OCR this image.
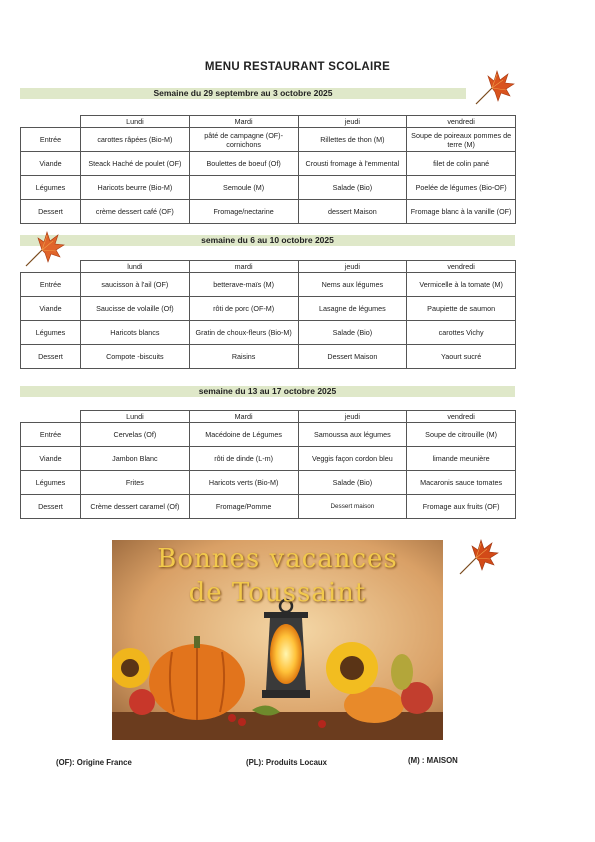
MENU RESTAURANT SCOLAIRE
Semaine du 29 septembre au 3 octobre 2025
	Lundi	Mardi	jeudi	vendredi
Entrée	carottes râpées (Bio-M)	pâté de campagne (OF)-cornichons	Rillettes de thon (M)	Soupe de poireaux pommes de terre (M)
Viande	Steack Haché de poulet (OF)	Boulettes de boeuf (Of)	Crousti fromage à l'emmental	filet de colin pané
Légumes	Haricots beurre (Bio-M)	Semoule (M)	Salade (Bio)	Poelée de légumes (Bio-OF)
Dessert	crème dessert café (OF)	Fromage/nectarine	dessert Maison	Fromage blanc à la vanille (OF)
semaine du 6 au 10 octobre 2025
	lundi	mardi	jeudi	vendredi
Entrée	saucisson à l'ail (OF)	betterave-maïs (M)	Nems aux légumes	Vermicelle à la tomate (M)
Viande	Saucisse de volaille (Of)	rôti de porc (OF-M)	Lasagne de légumes	Paupiette de saumon
Légumes	Haricots blancs	Gratin de choux-fleurs (Bio-M)	Salade (Bio)	carottes Vichy
Dessert	Compote -biscuits	Raisins	Dessert Maison	Yaourt sucré
semaine du 13 au 17 octobre 2025
	Lundi	Mardi	jeudi	vendredi
Entrée	Cervelas (Of)	Macédoine de Légumes	Samoussa aux légumes	Soupe de citrouille (M)
Viande	Jambon Blanc	rôti de dinde (L-m)	Veggis façon cordon bleu	limande meunière
Légumes	Frites	Haricots verts (Bio-M)	Salade (Bio)	Macaronis sauce tomates
Dessert	Crème dessert caramel (Of)	Fromage/Pomme	Dessert maison	Fromage aux fruits (OF)
Bonnes vacances
de Toussaint
(OF): Origine France	(PL): Produits Locaux	(M) : MAISON
